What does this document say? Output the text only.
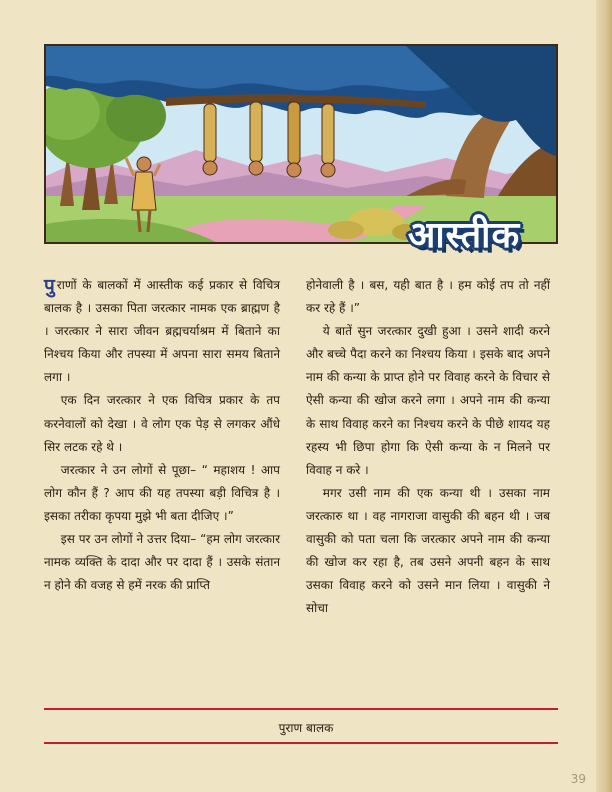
आस्तीक

पुराणों के बालकों में आस्तीक कई प्रकार से विचित्र बालक है । उसका पिता जरत्कार नामक एक ब्राह्मण है । जरत्कार ने सारा जीवन ब्रह्मचर्याश्रम में बिताने का निश्चय किया और तपस्या में अपना सारा समय बिताने लगा ।

एक दिन जरत्कार ने एक विचित्र प्रकार के तप करनेवालों को देखा । वे लोग एक पेड़ से लगकर औंधे सिर लटक रहे थे ।

जरत्कार ने उन लोगों से पूछा– “ महाशय ! आप लोग कौन हैं ? आप की यह तपस्या बड़ी विचित्र है । इसका तरीका कृपया मुझे भी बता दीजिए ।”

इस पर उन लोगों ने उत्तर दिया– “हम लोग जरत्कार नामक व्यक्ति के दादा और पर दादा हैं । उसके संतान न होने की वजह से हमें नरक की प्राप्ति

होनेवाली है । बस, यही बात है । हम कोई तप तो नहीं कर रहे हैं ।”

ये बातें सुन जरत्कार दुखी हुआ । उसने शादी करने और बच्चे पैदा करने का निश्चय किया । इसके बाद अपने नाम की कन्या के प्राप्त होने पर विवाह करने के विचार से ऐसी कन्या की खोज करने लगा । अपने नाम की कन्या के साथ विवाह करने का निश्चय करने के पीछे शायद यह रहस्य भी छिपा होगा कि ऐसी कन्या के न मिलने पर विवाह न करे ।

मगर उसी नाम की एक कन्या थी । उसका नाम जरत्कारु था । वह नागराजा वासुकी की बहन थी । जब वासुकी को पता चला कि जरत्कार अपने नाम की कन्या की खोज कर रहा है, तब उसने अपनी बहन के साथ उसका विवाह करने को उसने मान लिया । वासुकी ने सोचा

पुराण बालक
39
